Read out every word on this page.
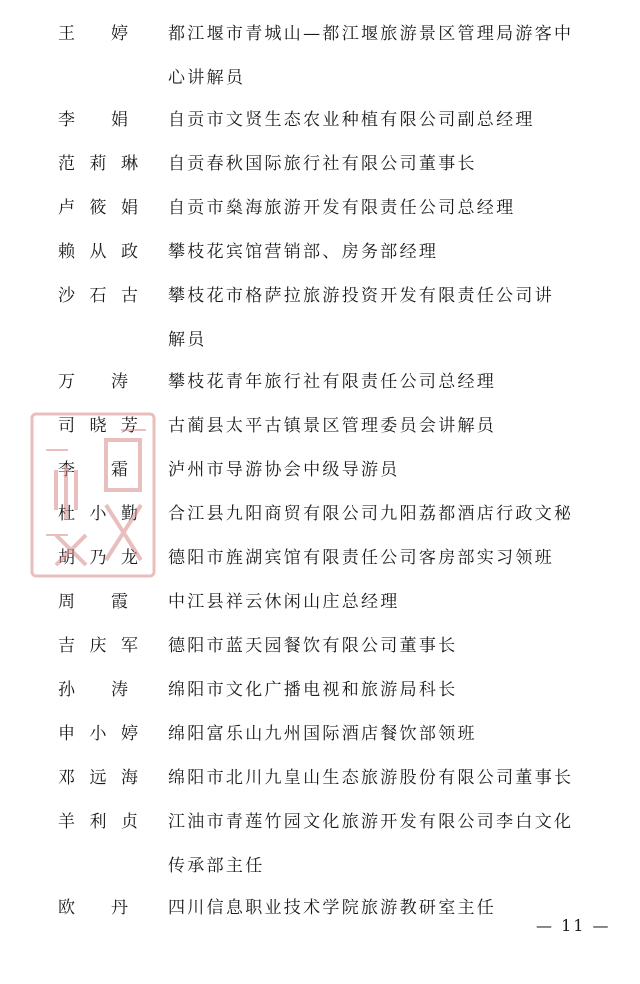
王 婷 都江堰市青城山—都江堰旅游景区管理局游客中
心讲解员
李 娟 自贡市文贤生态农业种植有限公司副总经理
范 莉 琳 自贡春秋国际旅行社有限公司董事长
卢 筱 娟 自贡市燊海旅游开发有限责任公司总经理
赖 从 政 攀枝花宾馆营销部、房务部经理
沙 石 古 攀枝花市格萨拉旅游投资开发有限责任公司讲
解员
万 涛 攀枝花青年旅行社有限责任公司总经理
司 晓 芳 古蔺县太平古镇景区管理委员会讲解员
李 霜 泸州市导游协会中级导游员
杜 小 勤 合江县九阳商贸有限公司九阳荔都酒店行政文秘
胡 乃 龙 德阳市旌湖宾馆有限责任公司客房部实习领班
周 霞 中江县祥云休闲山庄总经理
吉 庆 军 德阳市蓝天园餐饮有限公司董事长
孙 涛 绵阳市文化广播电视和旅游局科长
申 小 婷 绵阳富乐山九州国际酒店餐饮部领班
邓 远 海 绵阳市北川九皇山生态旅游股份有限公司董事长
羊 利 贞 江油市青莲竹园文化旅游开发有限公司李白文化
传承部主任
欧 丹 四川信息职业技术学院旅游教研室主任
— 11 —
